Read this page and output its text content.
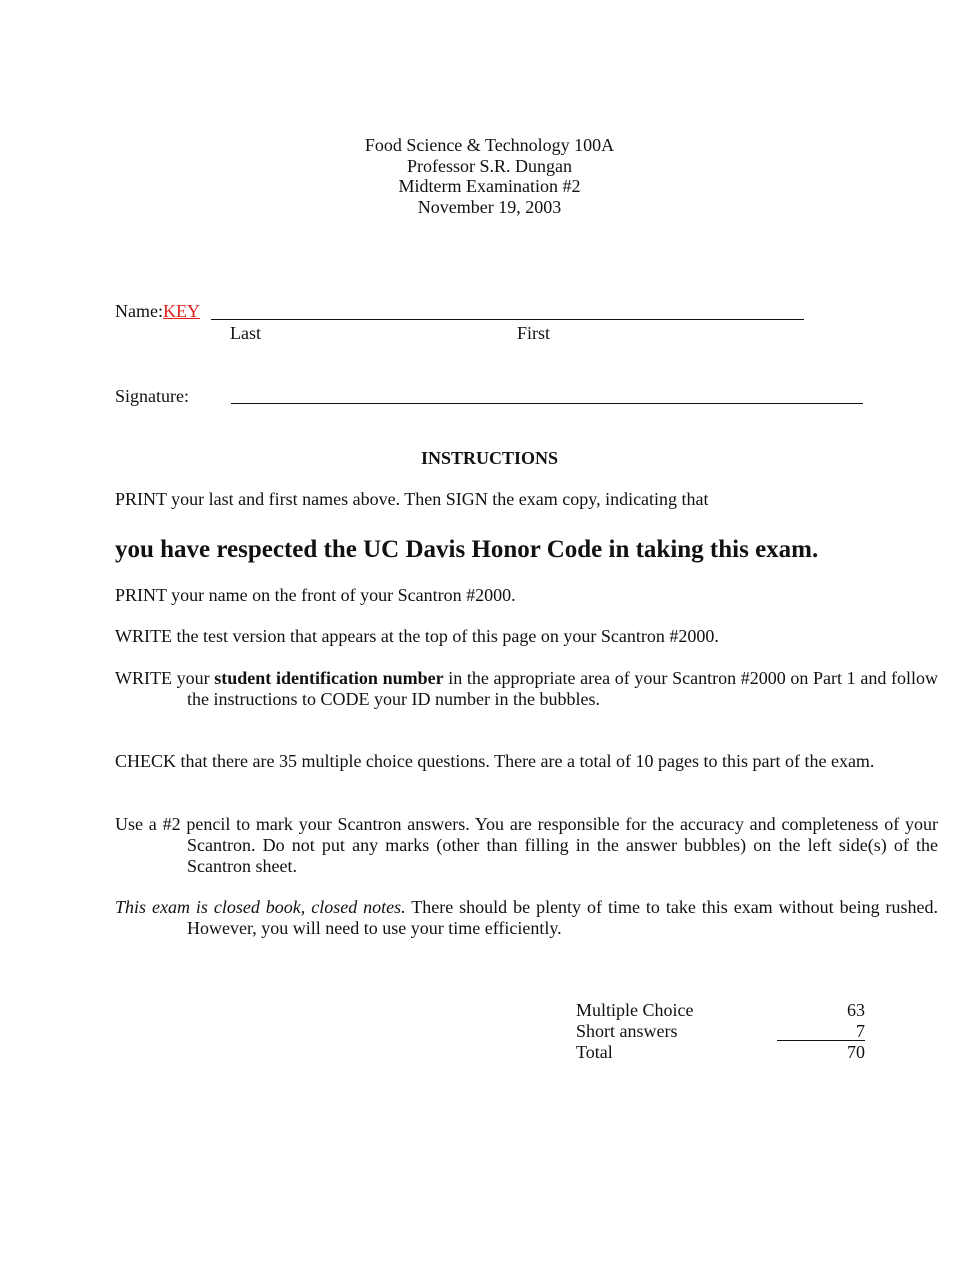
Food Science & Technology 100A
Professor S.R. Dungan
Midterm Examination #2
November 19, 2003
Name:KEY
Last	First
Signature:
INSTRUCTIONS
PRINT your last and first names above. Then SIGN the exam copy, indicating that
you have respected the UC Davis Honor Code in taking this exam.
PRINT your name on the front of your Scantron #2000.
WRITE the test version that appears at the top of this page on your Scantron #2000.
WRITE your student identification number in the appropriate area of your Scantron #2000 on Part 1 and follow the instructions to CODE your ID number in the bubbles.
CHECK that there are 35 multiple choice questions. There are a total of 10 pages to this part of the exam.
Use a #2 pencil to mark your Scantron answers. You are responsible for the accuracy and completeness of your Scantron. Do not put any marks (other than filling in the answer bubbles) on the left side(s) of the Scantron sheet.
This exam is closed book, closed notes. There should be plenty of time to take this exam without being rushed. However, you will need to use your time efficiently.
Multiple Choice	63
Short answers	7
Total	70
